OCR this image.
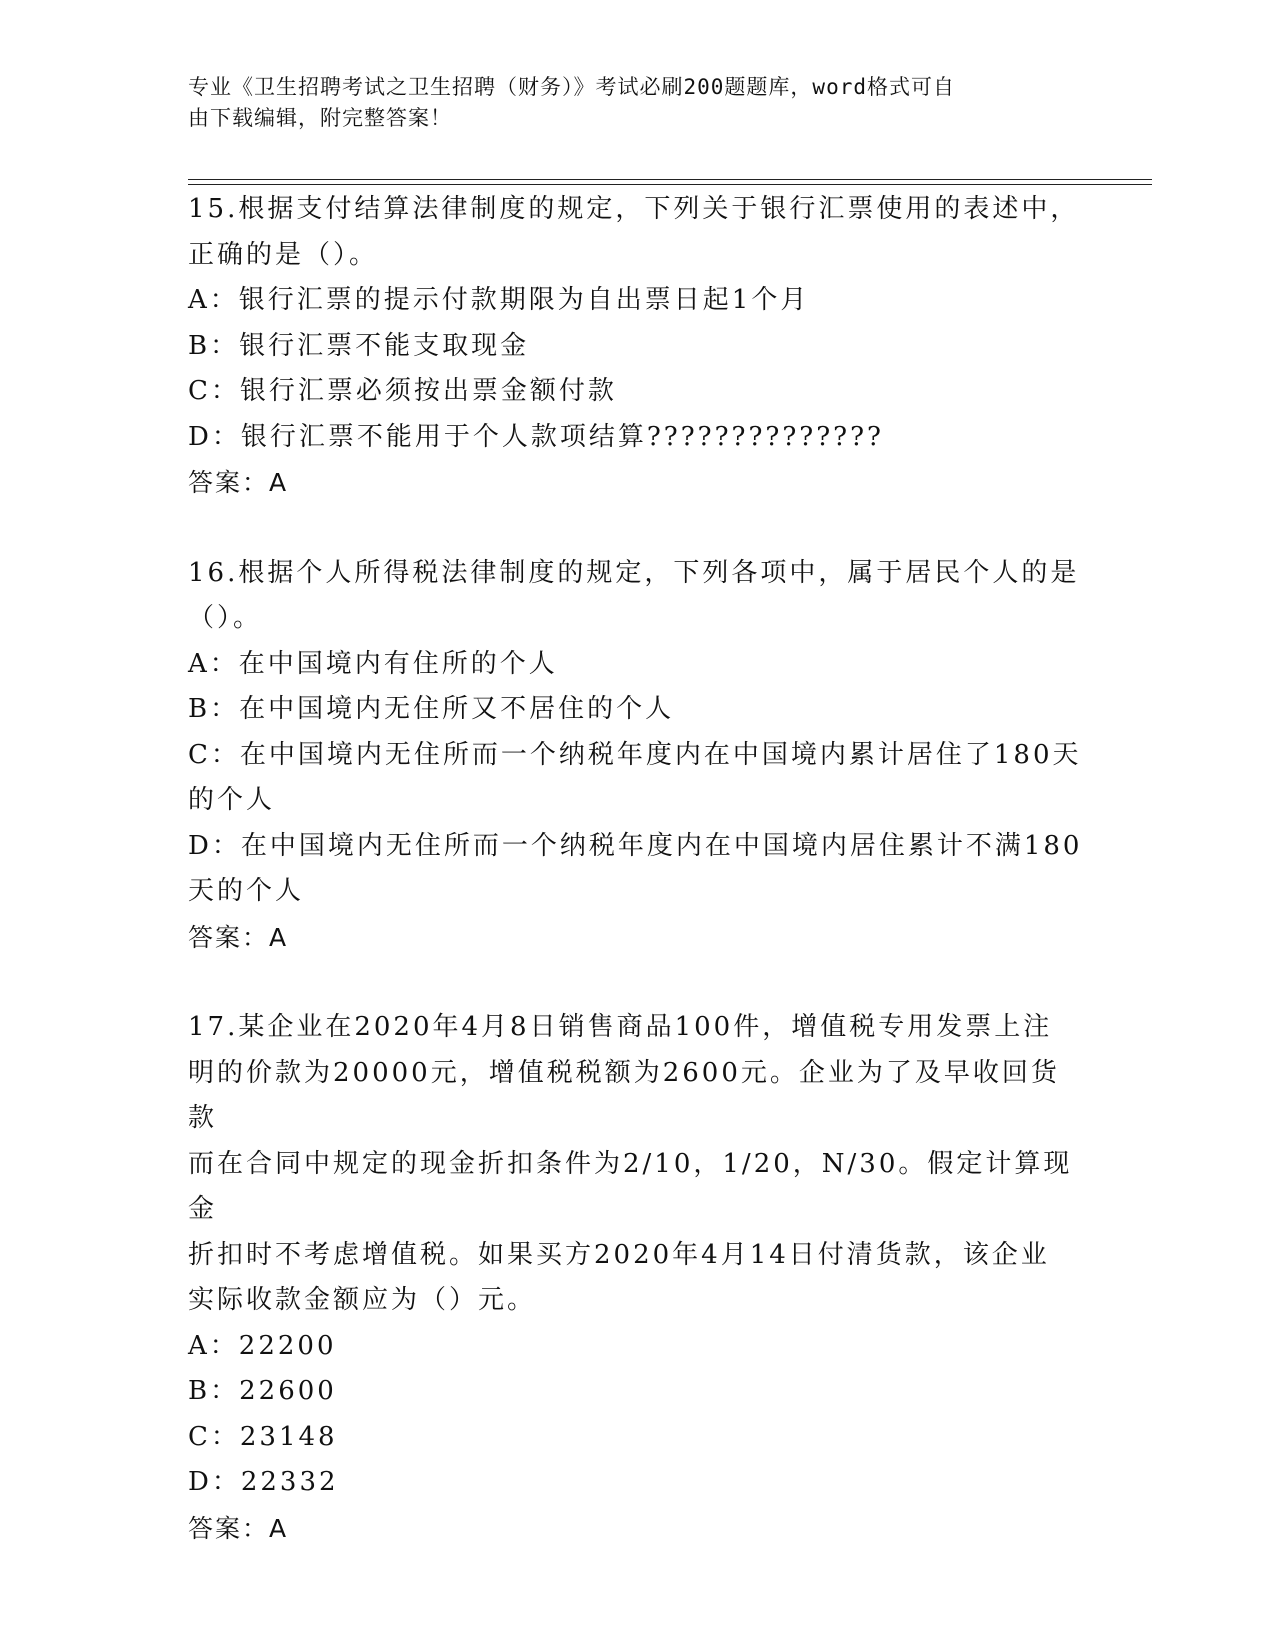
专业《卫生招聘考试之卫生招聘（财务）》考试必刷200题题库，word格式可自

由下载编辑，附完整答案！

15.根据支付结算法律制度的规定，下列关于银行汇票使用的表述中，

正确的是（）。

A：银行汇票的提示付款期限为自出票日起1个月

B：银行汇票不能支取现金

C：银行汇票必须按出票金额付款

D：银行汇票不能用于个人款项结算??????????????

答案：A

16.根据个人所得税法律制度的规定，下列各项中，属于居民个人的是

（）。

A：在中国境内有住所的个人

B：在中国境内无住所又不居住的个人

C：在中国境内无住所而一个纳税年度内在中国境内累计居住了180天

的个人

D：在中国境内无住所而一个纳税年度内在中国境内居住累计不满180

天的个人

答案：A

17.某企业在2020年4月8日销售商品100件，增值税专用发票上注

明的价款为20000元，增值税税额为2600元。企业为了及早收回货款

而在合同中规定的现金折扣条件为2/10，1/20，N/30。假定计算现金

折扣时不考虑增值税。如果买方2020年4月14日付清货款，该企业

实际收款金额应为（）元。

A：22200

B：22600

C：23148

D：22332

答案：A
